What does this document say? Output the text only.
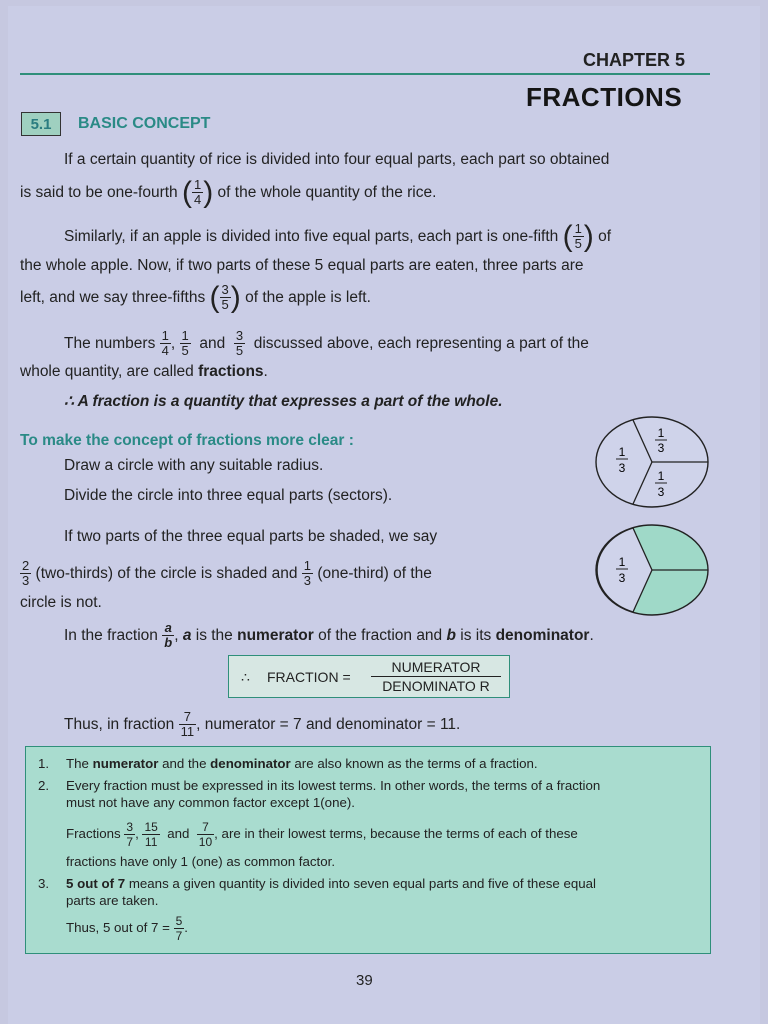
CHAPTER 5
FRACTIONS
5.1	BASIC CONCEPT
If a certain quantity of rice is divided into four equal parts, each part so obtained
is said to be one-fourth ( $\frac{1}{4}$ ) of the whole quantity of the rice.
Similarly, if an apple is divided into five equal parts, each part is one-fifth ( $\frac{1}{5}$ ) of
the whole apple. Now, if two parts of these 5 equal parts are eaten, three parts are
left, and we say three-fifths ( $\frac{3}{5}$ ) of the apple is left.
The numbers $\frac{1}{4}$ , $\frac{1}{5}$ and $\frac{3}{5}$ discussed above, each representing a part of the
whole quantity, are called fractions.
∴ A fraction is a quantity that expresses a part of the whole.
To make the concept of fractions more clear :
Draw a circle with any suitable radius.
Divide the circle into three equal parts (sectors).
If two parts of the three equal parts be shaded, we say
$\frac{2}{3}$ (two-thirds) of the circle is shaded and $\frac{1}{3}$ (one-third) of the
circle is not.
1
3
1
3
1
3
1
3
In the fraction $\frac{a}{b}$ , a is the numerator of the fraction and b is its denominator.
∴ FRACTION =
NUMERATOR
DENOMINATO R
Thus, in fraction $\frac{7}{11}$ , numerator = 7 and denominator = 11.
1. The numerator and the denominator are also known as the terms of a fraction.
2. Every fraction must be expressed in its lowest terms. In other words, the terms of a fraction
must not have any common factor except 1(one).
Fractions $\frac{3}{7}$ , $\frac{15}{11}$ and $\frac{7}{10}$ , are in their lowest terms, because the terms of each of these
fractions have only 1 (one) as common factor.
3. 5 out of 7 means a given quantity is divided into seven equal parts and five of these equal
parts are taken.
Thus, 5 out of $7 = \frac{5}{7}$ .
39
